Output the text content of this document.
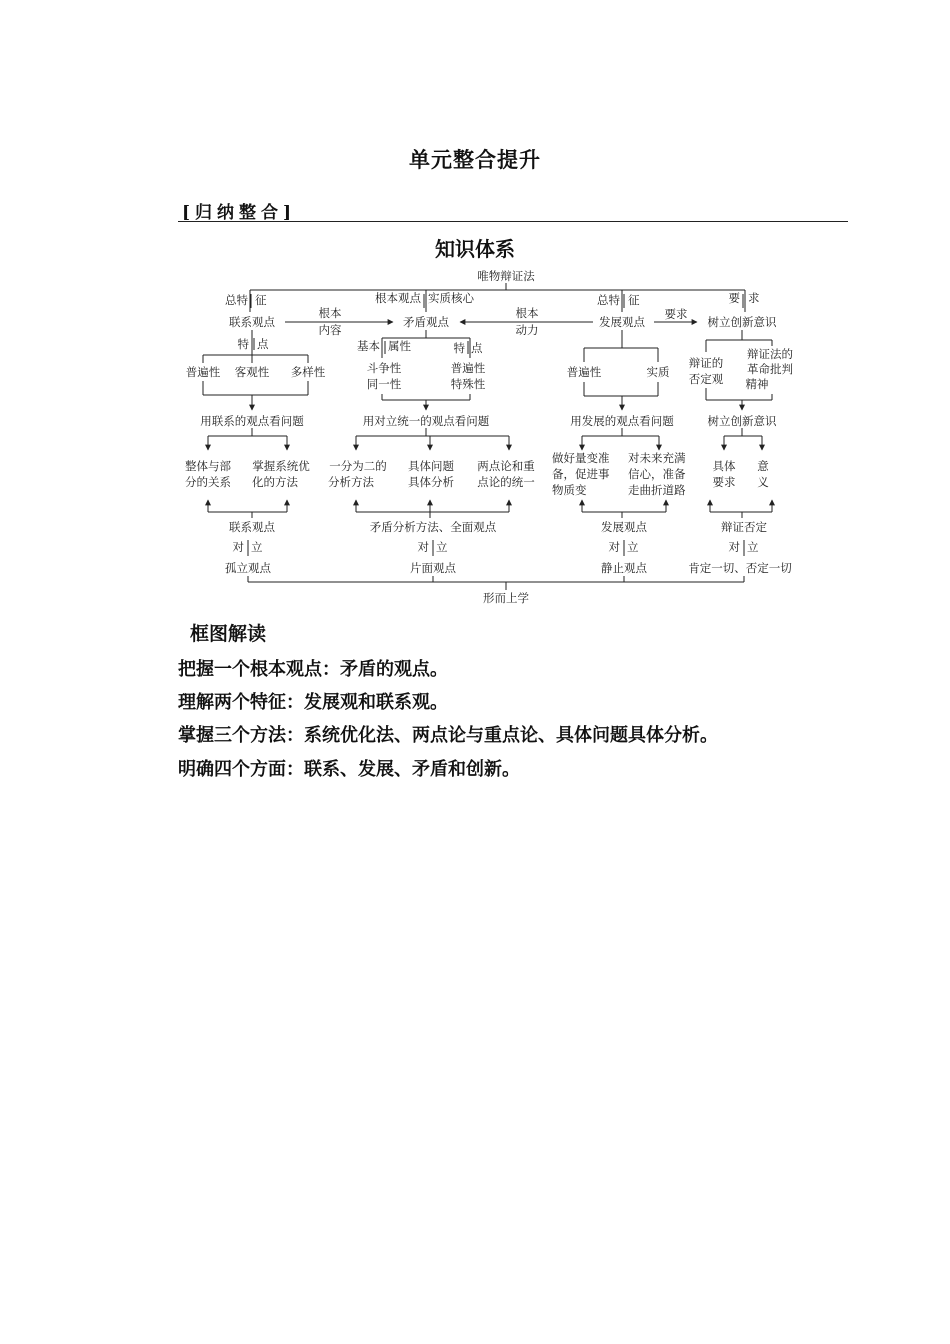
单元整合提升
[归纳整合]
知识体系
唯物辩证法
总特 征	根本观点 实质核心	总特 征	要 求
联系观点
根本
内容
矛盾观点
根本
动力
发展观点
要求
树立创新意识
特 点	基本 属性	特 点
普遍性 客观性 多样性	斗争性
同一性
普遍性
特殊性
普遍性	实质
辩证的
否定观
辩证法的
革命批判
精神
用联系的观点看问题	用对立统一的观点看问题	用发展的观点看问题	树立创新意识
整体与部
分的关系
掌握系统优
化的方法
一分为二的
分析方法
具体问题
具体分析
两点论和重
点论的统一
做好量变准
备，促进事
物质变
对未来充满
信心，准备
走曲折道路
具体
要求
意
义
联系观点
对 立
孤立观点
矛盾分析方法、全面观点
对 立
片面观点
发展观点
对 立
静止观点
辩证否定
对 立
肯定一切、否定一切
形而上学
框图解读
把握一个根本观点：矛盾的观点。
理解两个特征：发展观和联系观。
掌握三个方法：系统优化法、两点论与重点论、具体问题具体分析。
明确四个方面：联系、发展、矛盾和创新。
